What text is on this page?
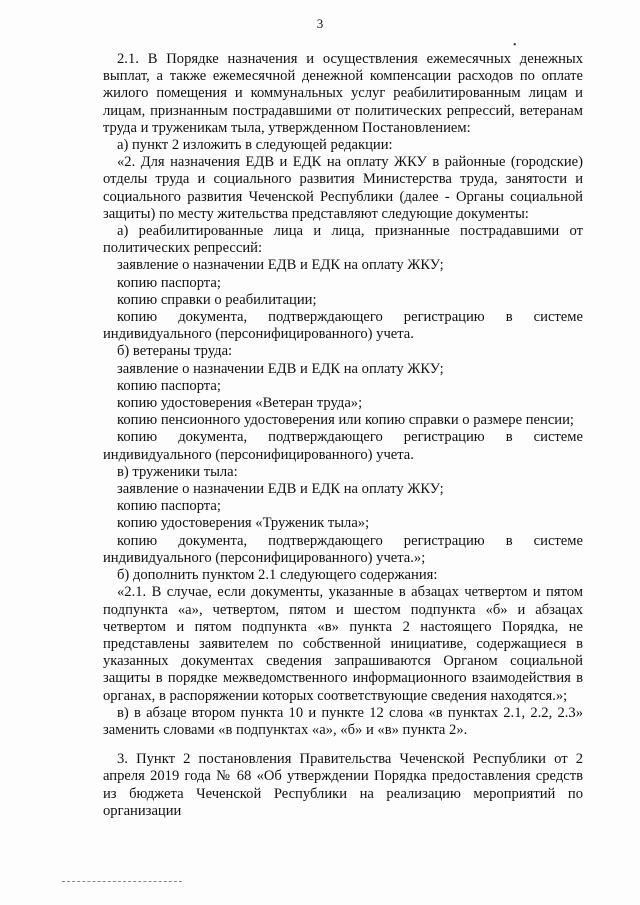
3
•

2.1. В Порядке назначения и осуществления ежемесячных денежных выплат, а также ежемесячной денежной компенсации расходов по оплате жилого помещения и коммунальных услуг реабилитированным лицам и лицам, признанным пострадавшими от политических репрессий, ветеранам труда и труженикам тыла, утвержденном Постановлением:

а) пункт 2 изложить в следующей редакции:

«2. Для назначения ЕДВ и ЕДК на оплату ЖКУ в районные (городские) отделы труда и социального развития Министерства труда, занятости и социального развития Чеченской Республики (далее - Органы социальной защиты) по месту жительства представляют следующие документы:

а) реабилитированные лица и лица, признанные пострадавшими от политических репрессий:

заявление о назначении ЕДВ и ЕДК на оплату ЖКУ;

копию паспорта;

копию справки о реабилитации;

копию документа, подтверждающего регистрацию в системе индивидуального (персонифицированного) учета.

б) ветераны труда:

заявление о назначении ЕДВ и ЕДК на оплату ЖКУ;

копию паспорта;

копию удостоверения «Ветеран труда»;

копию пенсионного удостоверения или копию справки о размере пенсии;

копию документа, подтверждающего регистрацию в системе индивидуального (персонифицированного) учета.

в) труженики тыла:

заявление о назначении ЕДВ и ЕДК на оплату ЖКУ;

копию паспорта;

копию удостоверения «Труженик тыла»;

копию документа, подтверждающего регистрацию в системе индивидуального (персонифицированного) учета.»;

б) дополнить пунктом 2.1 следующего содержания:

«2.1. В случае, если документы, указанные в абзацах четвертом и пятом подпункта «а», четвертом, пятом и шестом подпункта «б» и абзацах четвертом и пятом подпункта «в» пункта 2 настоящего Порядка, не представлены заявителем по собственной инициативе, содержащиеся в указанных документах сведения запрашиваются Органом социальной защиты в порядке межведомственного информационного взаимодействия в органах, в распоряжении которых соответствующие сведения находятся.»;

в) в абзаце втором пункта 10 и пункте 12 слова «в пунктах 2.1, 2.2, 2.3» заменить словами «в подпунктах «а», «б» и «в» пункта 2».

3. Пункт 2 постановления Правительства Чеченской Республики от 2 апреля 2019 года № 68 «Об утверждении Порядка предоставления средств из бюджета Чеченской Республики на реализацию мероприятий по организации
